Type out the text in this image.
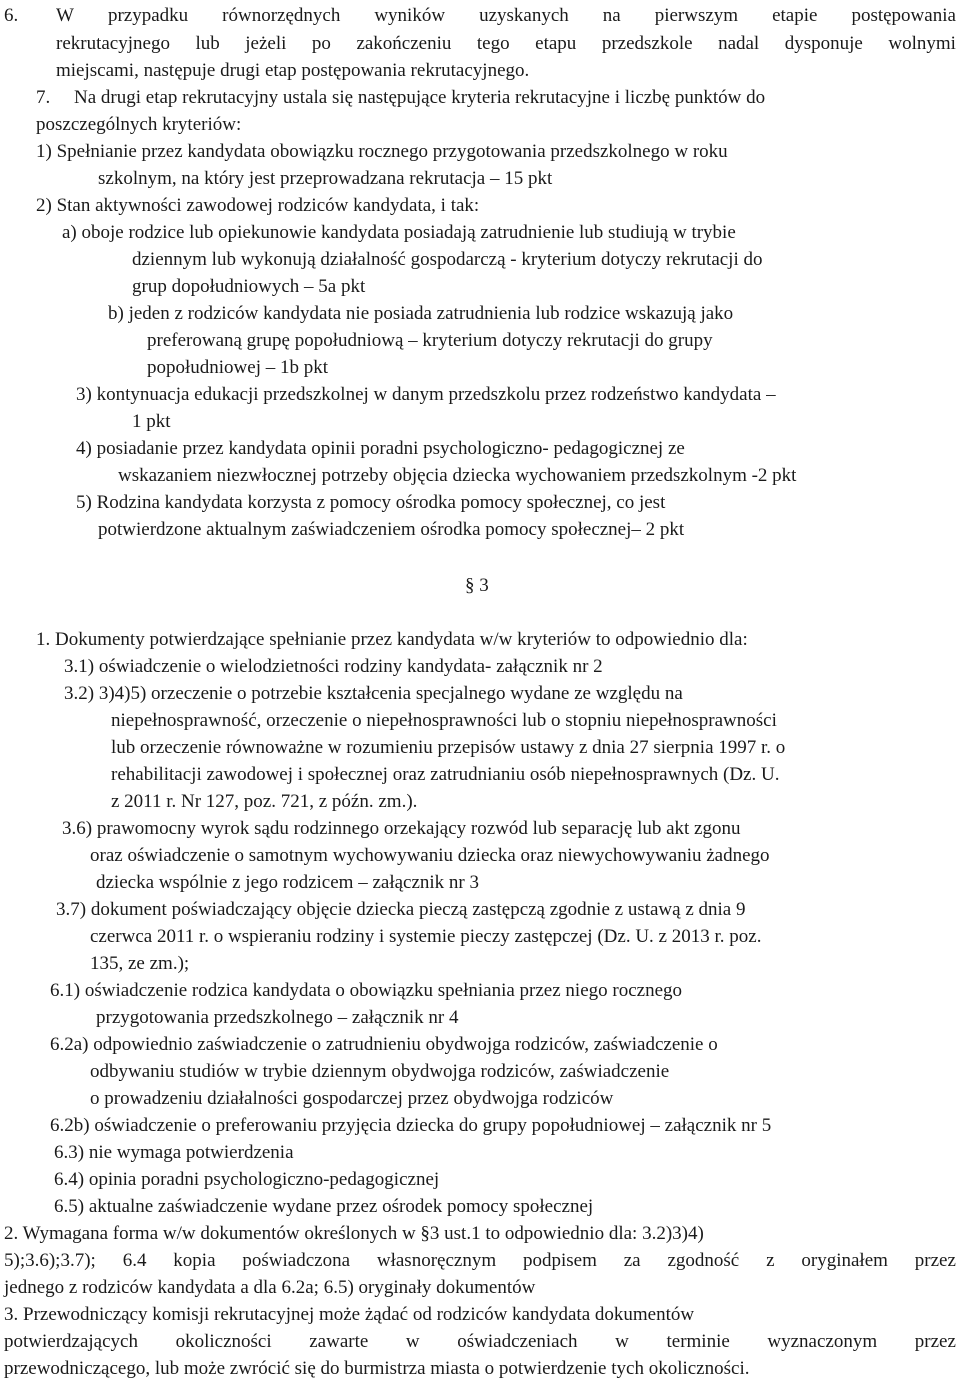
6. W przypadku równorzędnych wyników uzyskanych na pierwszym etapie postępowania
rekrutacyjnego lub jeżeli po zakończeniu tego etapu przedszkole nadal dysponuje wolnymi
miejscami, następuje drugi etap postępowania rekrutacyjnego.
7. Na drugi etap rekrutacyjny ustala się następujące kryteria rekrutacyjne i liczbę punktów do
poszczególnych kryteriów:
1) Spełnianie przez kandydata obowiązku rocznego przygotowania przedszkolnego w roku
szkolnym, na który jest przeprowadzana rekrutacja – 15 pkt
2) Stan aktywności zawodowej rodziców kandydata, i tak:
a) oboje rodzice lub opiekunowie kandydata posiadają zatrudnienie lub studiują w trybie
dziennym lub wykonują działalność gospodarczą - kryterium dotyczy rekrutacji do
grup dopołudniowych – 5a pkt
b) jeden z rodziców kandydata nie posiada zatrudnienia lub rodzice wskazują jako
preferowaną grupę popołudniową – kryterium dotyczy rekrutacji do grupy
popołudniowej – 1b pkt
3) kontynuacja edukacji przedszkolnej w danym przedszkolu przez rodzeństwo kandydata –
1 pkt
4) posiadanie przez kandydata opinii poradni psychologiczno- pedagogicznej ze
wskazaniem niezwłocznej potrzeby objęcia dziecka wychowaniem przedszkolnym -2 pkt
5) Rodzina kandydata korzysta z pomocy ośrodka pomocy społecznej, co jest
potwierdzone aktualnym zaświadczeniem ośrodka pomocy społecznej– 2 pkt
§ 3
1. Dokumenty potwierdzające spełnianie przez kandydata w/w kryteriów to odpowiednio dla:
3.1) oświadczenie o wielodzietności rodziny kandydata- załącznik nr 2
3.2) 3)4)5) orzeczenie o potrzebie kształcenia specjalnego wydane ze względu na
niepełnosprawność, orzeczenie o niepełnosprawności lub o stopniu niepełnosprawności
lub orzeczenie równoważne w rozumieniu przepisów ustawy z dnia 27 sierpnia 1997 r. o
rehabilitacji zawodowej i społecznej oraz zatrudnianiu osób niepełnosprawnych (Dz. U.
z 2011 r. Nr 127, poz. 721, z późn. zm.).
3.6) prawomocny wyrok sądu rodzinnego orzekający rozwód lub separację lub akt zgonu
oraz oświadczenie o samotnym wychowywaniu dziecka oraz niewychowywaniu żadnego
dziecka wspólnie z jego rodzicem – załącznik nr 3
3.7) dokument poświadczający objęcie dziecka pieczą zastępczą zgodnie z ustawą z dnia 9
czerwca 2011 r. o wspieraniu rodziny i systemie pieczy zastępczej (Dz. U. z 2013 r. poz.
135, ze zm.);
6.1) oświadczenie rodzica kandydata o obowiązku spełniania przez niego rocznego
przygotowania przedszkolnego – załącznik nr 4
6.2a) odpowiednio zaświadczenie o zatrudnieniu obydwojga rodziców, zaświadczenie o
odbywaniu studiów w trybie dziennym obydwojga rodziców, zaświadczenie
o prowadzeniu działalności gospodarczej przez obydwojga rodziców
6.2b) oświadczenie o preferowaniu przyjęcia dziecka do grupy popołudniowej – załącznik nr 5
6.3) nie wymaga potwierdzenia
6.4) opinia poradni psychologiczno-pedagogicznej
6.5) aktualne zaświadczenie wydane przez ośrodek pomocy społecznej
2. Wymagana forma w/w dokumentów określonych w §3 ust.1 to odpowiednio dla: 3.2)3)4)
5);3.6);3.7); 6.4 kopia poświadczona własnoręcznym podpisem za zgodność z oryginałem przez
jednego z rodziców kandydata a dla 6.2a; 6.5) oryginały dokumentów
3. Przewodniczący komisji rekrutacyjnej może żądać od rodziców kandydata dokumentów
potwierdzających okoliczności zawarte w oświadczeniach w terminie wyznaczonym przez
przewodniczącego, lub może zwrócić się do burmistrza miasta o potwierdzenie tych okoliczności.
